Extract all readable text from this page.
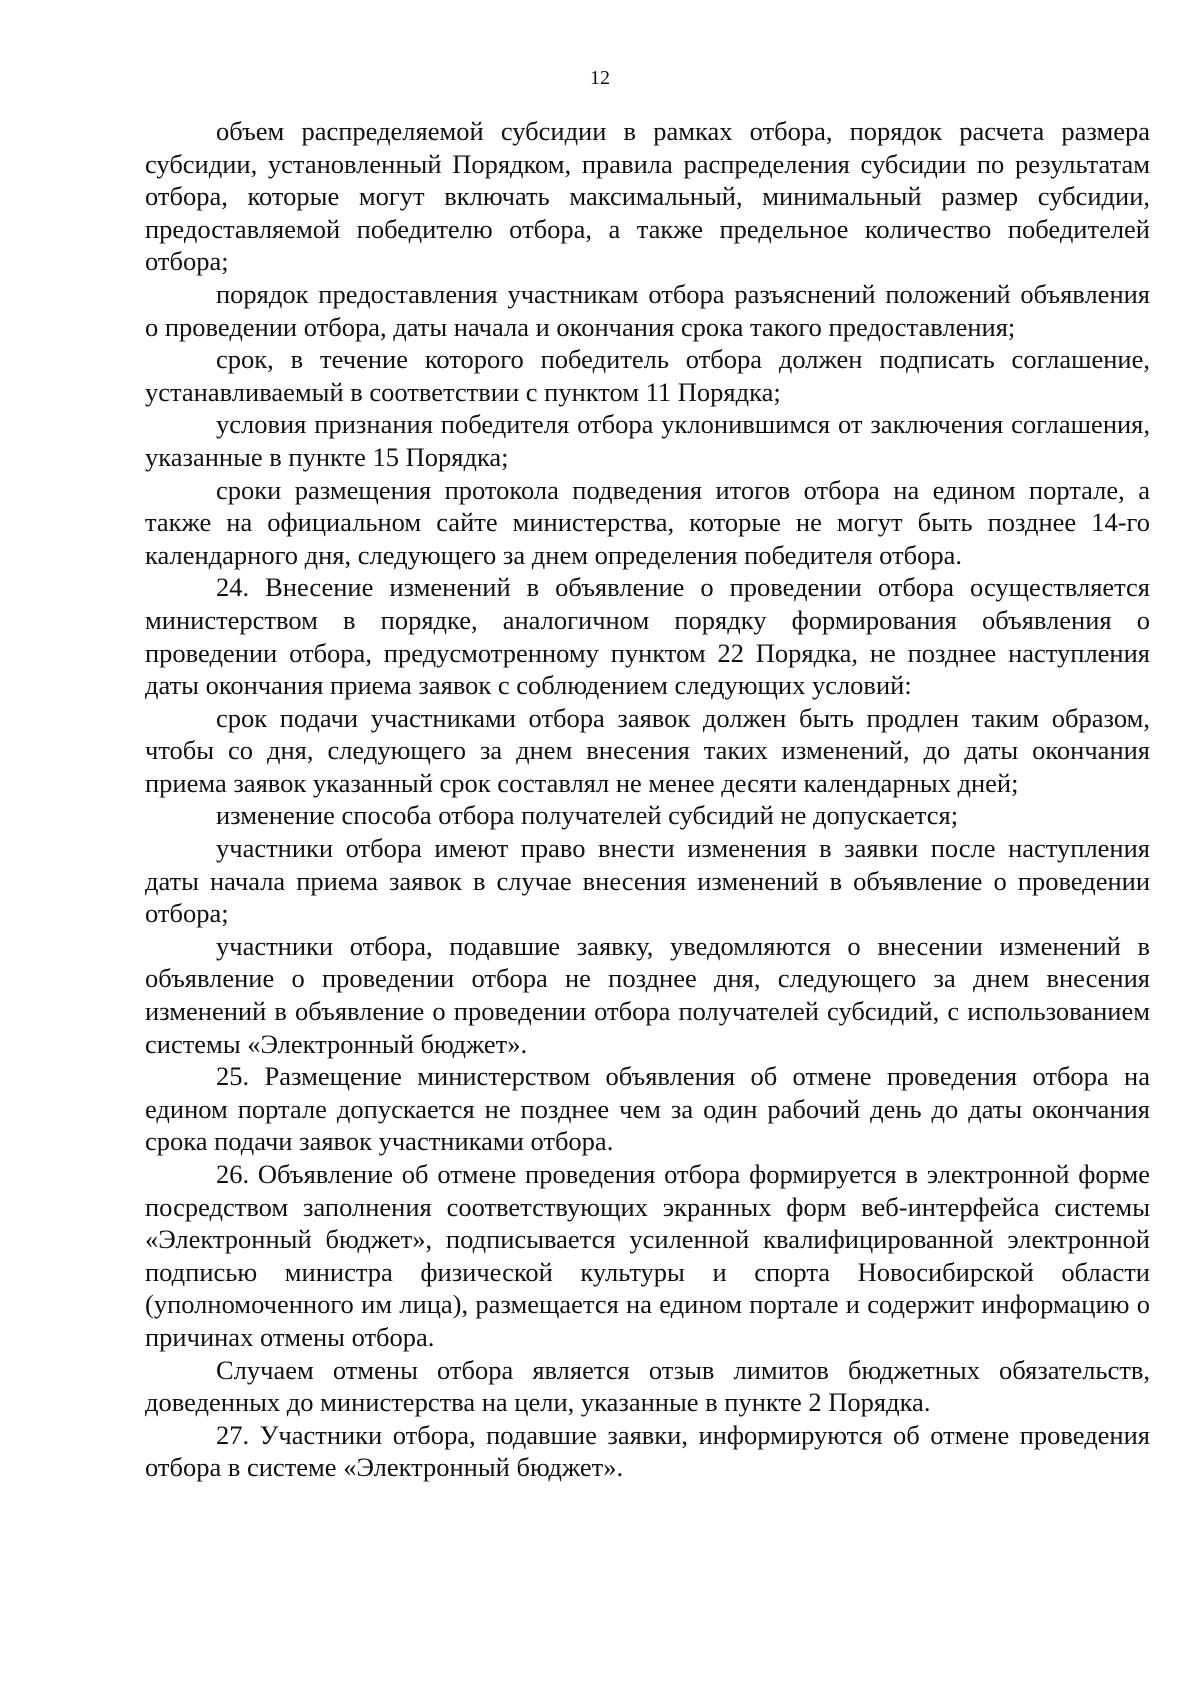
12

объем распределяемой субсидии в рамках отбора, порядок расчета размера субсидии, установленный Порядком, правила распределения субсидии по результатам отбора, которые могут включать максимальный, минимальный размер субсидии, предоставляемой победителю отбора, а также предельное количество победителей отбора;

порядок предоставления участникам отбора разъяснений положений объявления о проведении отбора, даты начала и окончания срока такого предоставления;

срок, в течение которого победитель отбора должен подписать соглашение, устанавливаемый в соответствии с пунктом 11 Порядка;

условия признания победителя отбора уклонившимся от заключения соглашения, указанные в пункте 15 Порядка;

сроки размещения протокола подведения итогов отбора на едином портале, а также на официальном сайте министерства, которые не могут быть позднее 14-го календарного дня, следующего за днем определения победителя отбора.

24. Внесение изменений в объявление о проведении отбора осуществляется министерством в порядке, аналогичном порядку формирования объявления о проведении отбора, предусмотренному пунктом 22 Порядка, не позднее наступления даты окончания приема заявок с соблюдением следующих условий:

срок подачи участниками отбора заявок должен быть продлен таким образом, чтобы со дня, следующего за днем внесения таких изменений, до даты окончания приема заявок указанный срок составлял не менее десяти календарных дней;

изменение способа отбора получателей субсидий не допускается;

участники отбора имеют право внести изменения в заявки после наступления даты начала приема заявок в случае внесения изменений в объявление о проведении отбора;

участники отбора, подавшие заявку, уведомляются о внесении изменений в объявление о проведении отбора не позднее дня, следующего за днем внесения изменений в объявление о проведении отбора получателей субсидий, с использованием системы «Электронный бюджет».

25. Размещение министерством объявления об отмене проведения отбора на едином портале допускается не позднее чем за один рабочий день до даты окончания срока подачи заявок участниками отбора.

26. Объявление об отмене проведения отбора формируется в электронной форме посредством заполнения соответствующих экранных форм веб-интерфейса системы «Электронный бюджет», подписывается усиленной квалифицированной электронной подписью министра физической культуры и спорта Новосибирской области (уполномоченного им лица), размещается на едином портале и содержит информацию о причинах отмены отбора.

Случаем отмены отбора является отзыв лимитов бюджетных обязательств, доведенных до министерства на цели, указанные в пункте 2 Порядка.

27. Участники отбора, подавшие заявки, информируются об отмене проведения отбора в системе «Электронный бюджет».
